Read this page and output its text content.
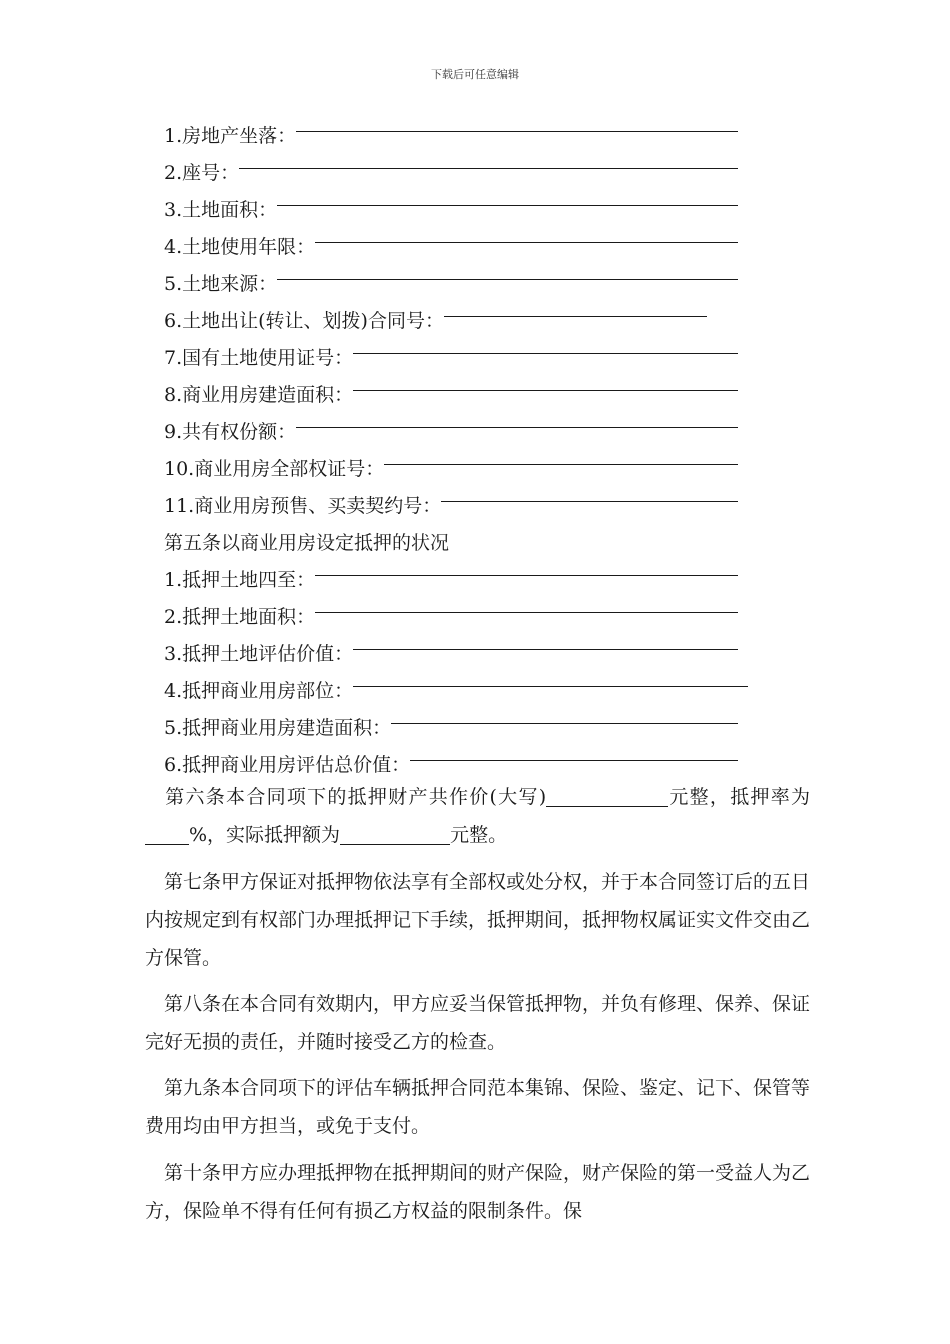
下载后可任意编辑
1.房地产坐落：
2.座号：
3.土地面积：
4.土地使用年限：
5.土地来源：
6.土地出让(转让、划拨)合同号：
7.国有土地使用证号：
8.商业用房建造面积：
9.共有权份额：
10.商业用房全部权证号：
11.商业用房预售、买卖契约号：
第五条以商业用房设定抵押的状况
1.抵押土地四至：
2.抵押土地面积：
3.抵押土地评估价值：
4.抵押商业用房部位：
5.抵押商业用房建造面积：
6.抵押商业用房评估总价值：
第六条本合同项下的抵押财产共作价(大写)	元整，抵押率为%，实际抵押额为	元整。
第七条甲方保证对抵押物依法享有全部权或处分权，并于本合同签订后的五日内按规定到有权部门办理抵押记下手续，抵押期间，抵押物权属证实文件交由乙方保管。
第八条在本合同有效期内，甲方应妥当保管抵押物，并负有修理、保养、保证完好无损的责任，并随时接受乙方的检查。
第九条本合同项下的评估车辆抵押合同范本集锦、保险、鉴定、记下、保管等费用均由甲方担当，或免于支付。
第十条甲方应办理抵押物在抵押期间的财产保险，财产保险的第一受益人为乙方，保险单不得有任何有损乙方权益的限制条件。保
